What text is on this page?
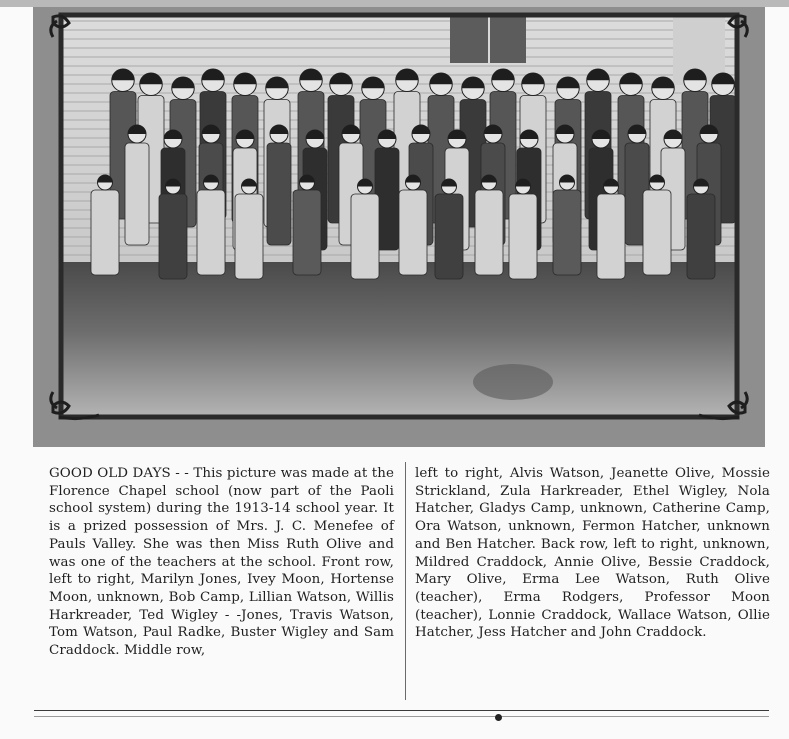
GOOD OLD DAYS - - This picture was made at the Florence Chapel school (now part of the Paoli school system) during the 1913-14 school year. It is a prized possession of Mrs. J. C. Menefee of Pauls Valley. She was then Miss Ruth Olive and was one of the teachers at the school. Front row, left to right, Marilyn Jones, Ivey Moon, Hortense Moon, unknown, Bob Camp, Lillian Watson, Willis Harkreader, Ted Wigley - -Jones, Travis Watson, Tom Watson, Paul Radke, Buster Wigley and Sam Craddock. Middle row,

left to right, Alvis Watson, Jeanette Olive, Mossie Strickland, Zula Harkreader, Ethel Wigley, Nola Hatcher, Gladys Camp, unknown, Catherine Camp, Ora Watson, unknown, Fermon Hatcher, unknown and Ben Hatcher. Back row, left to right, unknown, Mildred Craddock, Annie Olive, Bessie Craddock, Mary Olive, Erma Lee Watson, Ruth Olive (teacher), Erma Rodgers, Professor Moon (teacher), Lonnie Craddock, Wallace Watson, Ollie Hatcher, Jess Hatcher and John Craddock.
